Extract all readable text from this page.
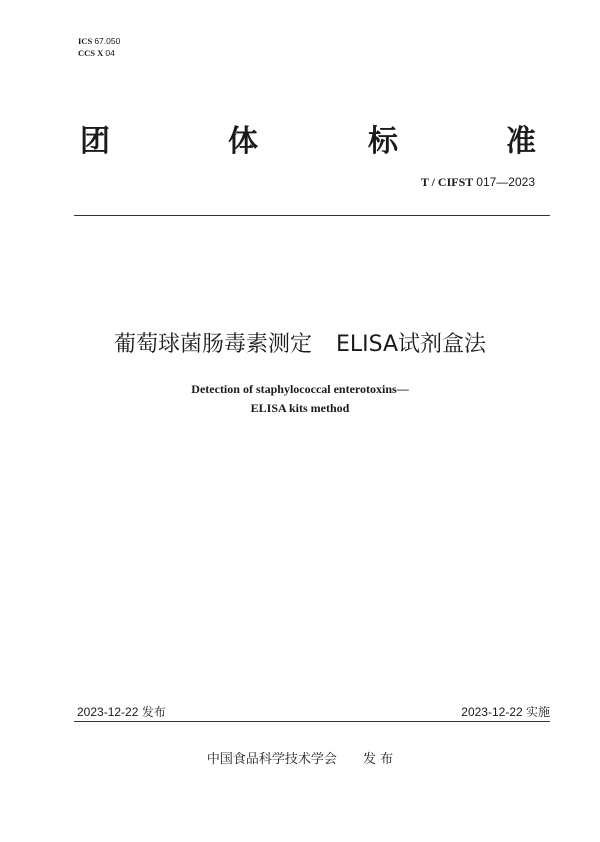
ICS 67.050
CCS X 04
团	体	标	准
T / CIFST 017—2023
葡萄球菌肠毒素测定 ELISA试剂盒法
Detection of staphylococcal enterotoxins—
ELISA kits method
2023-12-22 发布	2023-12-22 实施
中国食品科学技术学会 发 布
